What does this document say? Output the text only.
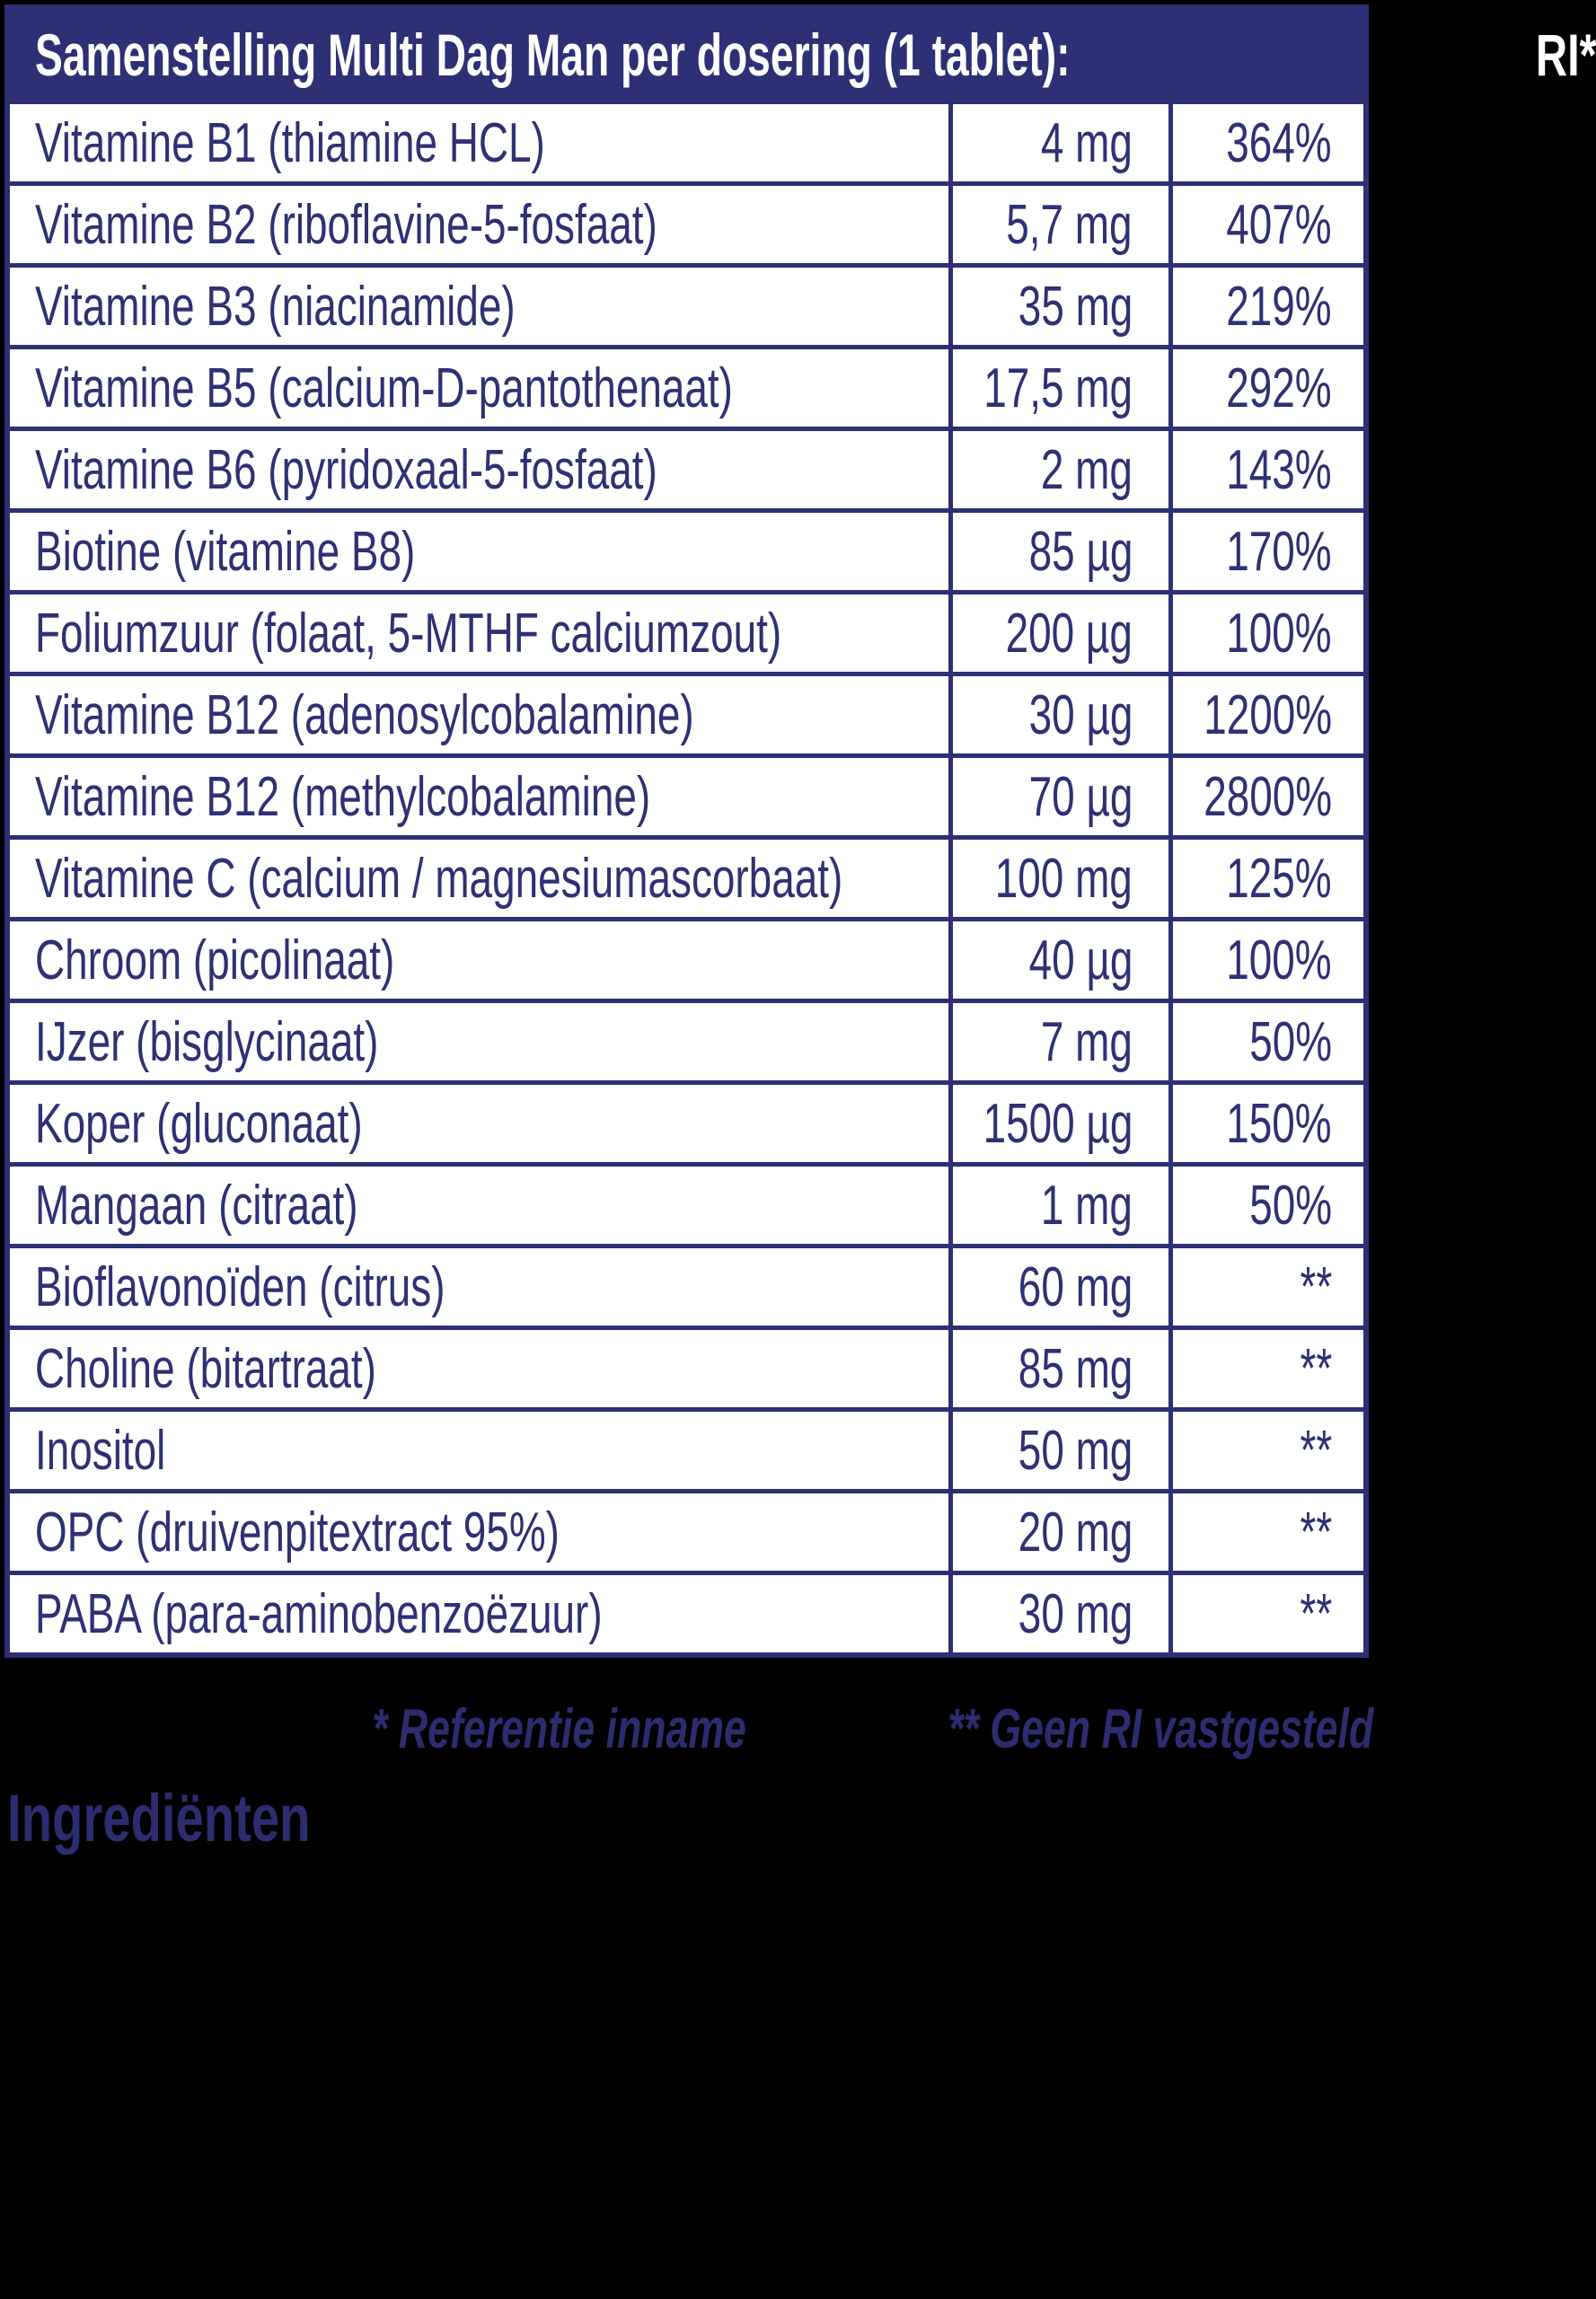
Samenstelling Multi Dag Man per dosering (1 tablet):	RI*
Vitamine B1 (thiamine HCL)	4 mg 364%
Vitamine B2 (riboflavine-5-fosfaat)	5,7 mg 407%
Vitamine B3 (niacinamide)	35 mg 219%
Vitamine B5 (calcium-D-pantothenaat)	17,5 mg 292%
Vitamine B6 (pyridoxaal-5-fosfaat)	2 mg 143%
Biotine (vitamine B8)	85 µg 170%
Foliumzuur (folaat, 5-MTHF calciumzout)	200 µg 100%
Vitamine B12 (adenosylcobalamine)	30 µg 1200%
Vitamine B12 (methylcobalamine)	70 µg 2800%
Vitamine C (calcium / magnesiumascorbaat)	100 mg 125%
Chroom (picolinaat)	40 µg 100%
IJzer (bisglycinaat)	7 mg 50%
Koper (gluconaat)	1500 µg 150%
Mangaan (citraat)	1 mg 50%
Bioflavonoïden (citrus)	60 mg	**
Choline (bitartraat)	85 mg	**
Inositol	50 mg	**
OPC (druivenpitextract 95%)	20 mg	**
PABA (para-aminobenzoëzuur)	30 mg	**
* Referentie inname	** Geen RI vastgesteld
Ingrediënten
